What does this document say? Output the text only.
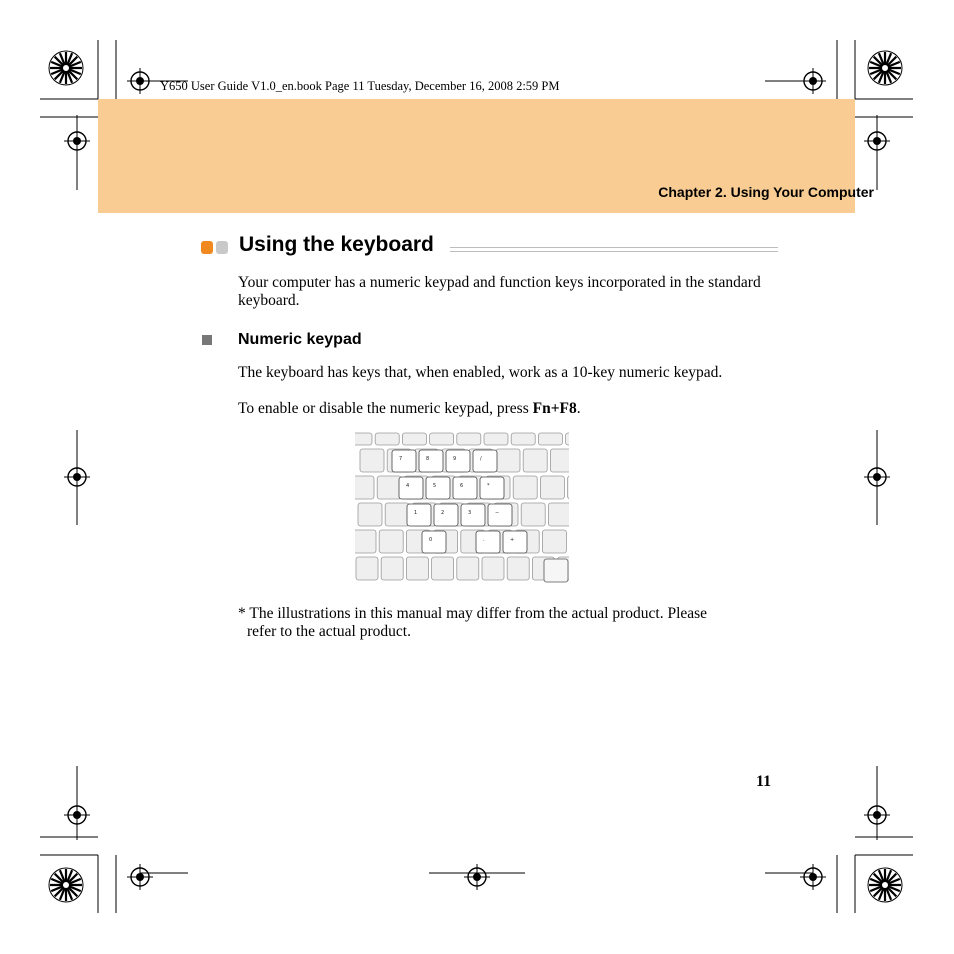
Y650 User Guide V1.0_en.book Page 11 Tuesday, December 16, 2008 2:59 PM
Chapter 2. Using Your Computer
Using the keyboard
Your computer has a numeric keypad and function keys incorporated in the standard keyboard.
Numeric keypad
The keyboard has keys that, when enabled, work as a 10-key numeric keypad.
To enable or disable the numeric keypad, press Fn+F8.
7	8	9	/
4	5	6	*
1	2	3	−
0	.	+
* The illustrations in this manual may differ from the actual product. Please
refer to the actual product.
11
